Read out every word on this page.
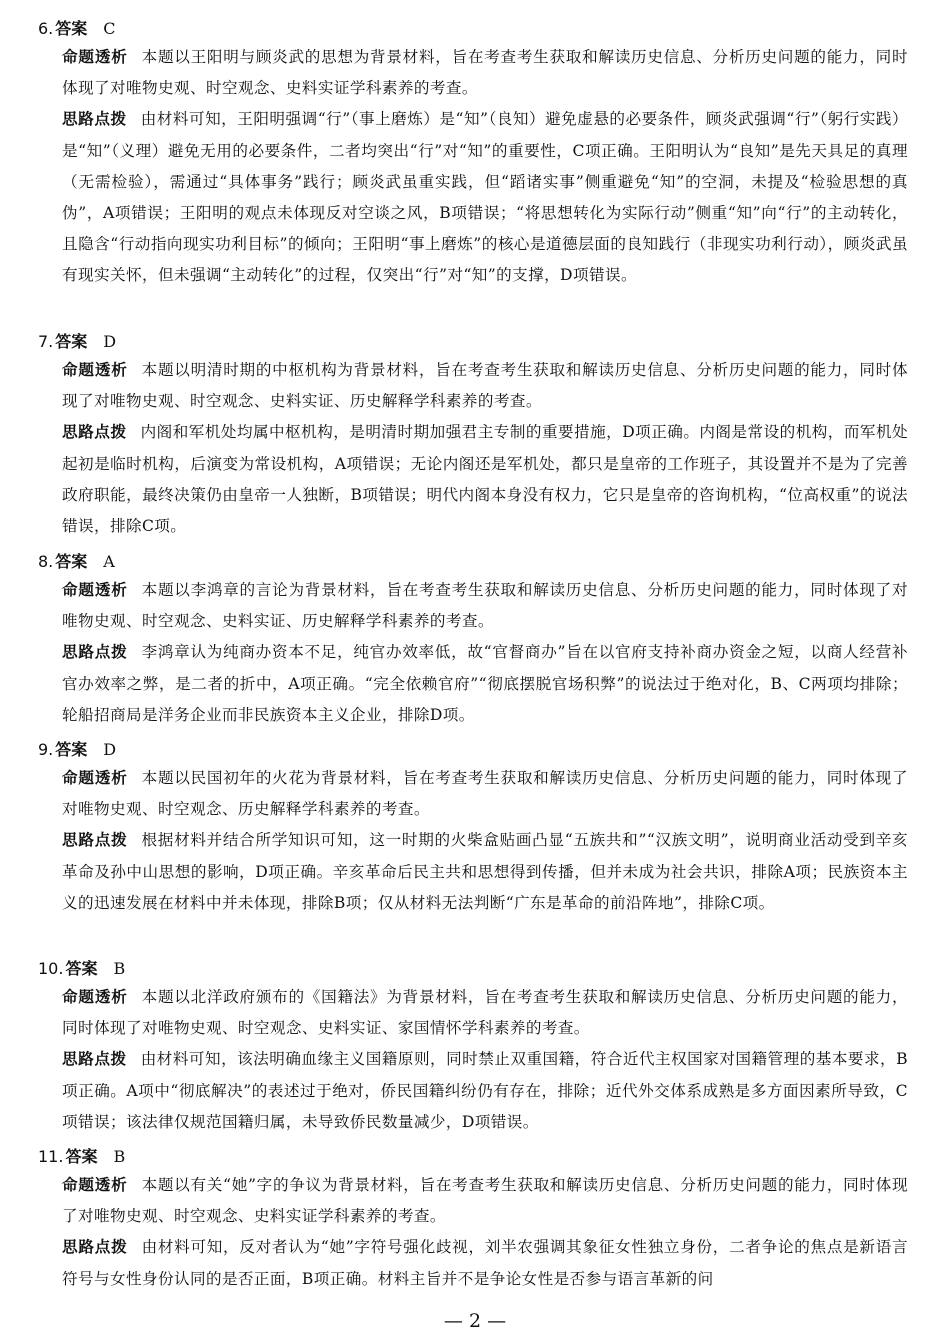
6. 答案 C
命题透析 本题以王阳明与顾炎武的思想为背景材料，旨在考查考生获取和解读历史信息、分析历史问题的能力，同时体现了对唯物史观、时空观念、史料实证学科素养的考查。
思路点拨 由材料可知，王阳明强调“行”（事上磨炼）是“知”（良知）避免虚悬的必要条件，顾炎武强调“行”（躬行实践）是“知”（义理）避免无用的必要条件，二者均突出“行”对“知”的重要性，C项正确。王阳明认为“良知”是先天具足的真理（无需检验），需通过“具体事务”践行；顾炎武虽重实践，但“蹈诸实事”侧重避免“知”的空洞，未提及“检验思想的真伪”，A项错误；王阳明的观点未体现反对空谈之风，B项错误；“将思想转化为实际行动”侧重“知”向“行”的主动转化，且隐含“行动指向现实功利目标”的倾向；王阳明“事上磨炼”的核心是道德层面的良知践行（非现实功利行动），顾炎武虽有现实关怀，但未强调“主动转化”的过程，仅突出“行”对“知”的支撑，D项错误。
7. 答案 D
命题透析 本题以明清时期的中枢机构为背景材料，旨在考查考生获取和解读历史信息、分析历史问题的能力，同时体现了对唯物史观、时空观念、史料实证、历史解释学科素养的考查。
思路点拨 内阁和军机处均属中枢机构，是明清时期加强君主专制的重要措施，D项正确。内阁是常设的机构，而军机处起初是临时机构，后演变为常设机构，A项错误；无论内阁还是军机处，都只是皇帝的工作班子，其设置并不是为了完善政府职能，最终决策仍由皇帝一人独断，B项错误；明代内阁本身没有权力，它只是皇帝的咨询机构，“位高权重”的说法错误，排除C项。
8. 答案 A
命题透析 本题以李鸿章的言论为背景材料，旨在考查考生获取和解读历史信息、分析历史问题的能力，同时体现了对唯物史观、时空观念、史料实证、历史解释学科素养的考查。
思路点拨 李鸿章认为纯商办资本不足，纯官办效率低，故“官督商办”旨在以官府支持补商办资金之短，以商人经营补官办效率之弊，是二者的折中，A项正确。“完全依赖官府”“彻底摆脱官场积弊”的说法过于绝对化，B、C两项均排除；轮船招商局是洋务企业而非民族资本主义企业，排除D项。
9. 答案 D
命题透析 本题以民国初年的火花为背景材料，旨在考查考生获取和解读历史信息、分析历史问题的能力，同时体现了对唯物史观、时空观念、历史解释学科素养的考查。
思路点拨 根据材料并结合所学知识可知，这一时期的火柴盒贴画凸显“五族共和”“汉族文明”，说明商业活动受到辛亥革命及孙中山思想的影响，D项正确。辛亥革命后民主共和思想得到传播，但并未成为社会共识，排除A项；民族资本主义的迅速发展在材料中并未体现，排除B项；仅从材料无法判断“广东是革命的前沿阵地”，排除C项。
10. 答案 B
命题透析 本题以北洋政府颁布的《国籍法》为背景材料，旨在考查考生获取和解读历史信息、分析历史问题的能力，同时体现了对唯物史观、时空观念、史料实证、家国情怀学科素养的考查。
思路点拨 由材料可知，该法明确血缘主义国籍原则，同时禁止双重国籍，符合近代主权国家对国籍管理的基本要求，B项正确。A项中“彻底解决”的表述过于绝对，侨民国籍纠纷仍有存在，排除；近代外交体系成熟是多方面因素所导致，C项错误；该法律仅规范国籍归属，未导致侨民数量减少，D项错误。
11. 答案 B
命题透析 本题以有关“她”字的争议为背景材料，旨在考查考生获取和解读历史信息、分析历史问题的能力，同时体现了对唯物史观、时空观念、史料实证学科素养的考查。
思路点拨 由材料可知，反对者认为“她”字符号强化歧视，刘半农强调其象征女性独立身份，二者争论的焦点是新语言符号与女性身份认同的是否正面，B项正确。材料主旨并不是争论女性是否参与语言革新的问
— 2 —
